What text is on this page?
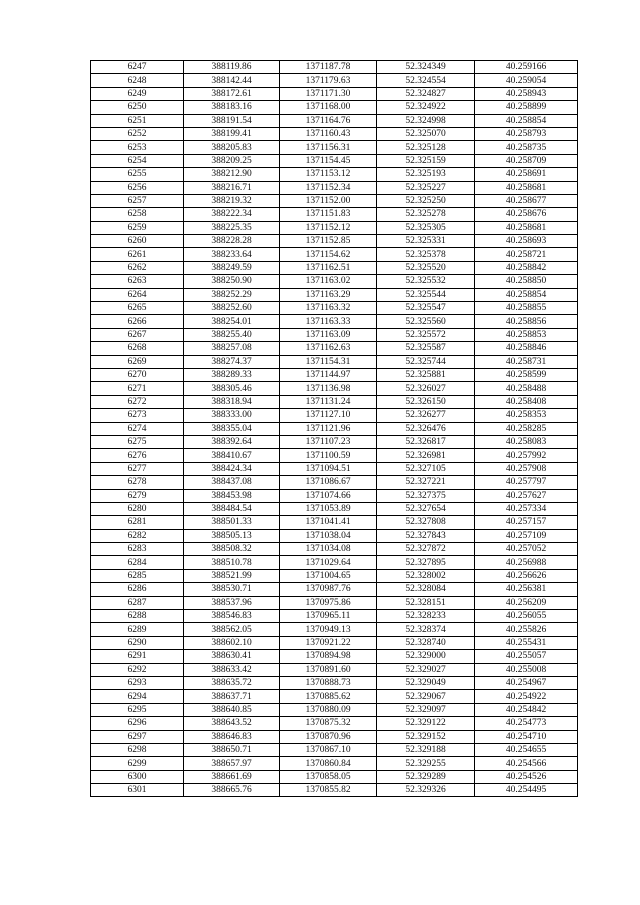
6247	388119.86	1371187.78	52.324349	40.259166
6248	388142.44	1371179.63	52.324554	40.259054
6249	388172.61	1371171.30	52.324827	40.258943
6250	388183.16	1371168.00	52.324922	40.258899
6251	388191.54	1371164.76	52.324998	40.258854
6252	388199.41	1371160.43	52.325070	40.258793
6253	388205.83	1371156.31	52.325128	40.258735
6254	388209.25	1371154.45	52.325159	40.258709
6255	388212.90	1371153.12	52.325193	40.258691
6256	388216.71	1371152.34	52.325227	40.258681
6257	388219.32	1371152.00	52.325250	40.258677
6258	388222.34	1371151.83	52.325278	40.258676
6259	388225.35	1371152.12	52.325305	40.258681
6260	388228.28	1371152.85	52.325331	40.258693
6261	388233.64	1371154.62	52.325378	40.258721
6262	388249.59	1371162.51	52.325520	40.258842
6263	388250.90	1371163.02	52.325532	40.258850
6264	388252.29	1371163.29	52.325544	40.258854
6265	388252.60	1371163.32	52.325547	40.258855
6266	388254.01	1371163.33	52.325560	40.258856
6267	388255.40	1371163.09	52.325572	40.258853
6268	388257.08	1371162.63	52.325587	40.258846
6269	388274.37	1371154.31	52.325744	40.258731
6270	388289.33	1371144.97	52.325881	40.258599
6271	388305.46	1371136.98	52.326027	40.258488
6272	388318.94	1371131.24	52.326150	40.258408
6273	388333.00	1371127.10	52.326277	40.258353
6274	388355.04	1371121.96	52.326476	40.258285
6275	388392.64	1371107.23	52.326817	40.258083
6276	388410.67	1371100.59	52.326981	40.257992
6277	388424.34	1371094.51	52.327105	40.257908
6278	388437.08	1371086.67	52.327221	40.257797
6279	388453.98	1371074.66	52.327375	40.257627
6280	388484.54	1371053.89	52.327654	40.257334
6281	388501.33	1371041.41	52.327808	40.257157
6282	388505.13	1371038.04	52.327843	40.257109
6283	388508.32	1371034.08	52.327872	40.257052
6284	388510.78	1371029.64	52.327895	40.256988
6285	388521.99	1371004.65	52.328002	40.256626
6286	388530.71	1370987.76	52.328084	40.256381
6287	388537.96	1370975.86	52.328151	40.256209
6288	388546.83	1370965.11	52.328233	40.256055
6289	388562.05	1370949.13	52.328374	40.255826
6290	388602.10	1370921.22	52.328740	40.255431
6291	388630.41	1370894.98	52.329000	40.255057
6292	388633.42	1370891.60	52.329027	40.255008
6293	388635.72	1370888.73	52.329049	40.254967
6294	388637.71	1370885.62	52.329067	40.254922
6295	388640.85	1370880.09	52.329097	40.254842
6296	388643.52	1370875.32	52.329122	40.254773
6297	388646.83	1370870.96	52.329152	40.254710
6298	388650.71	1370867.10	52.329188	40.254655
6299	388657.97	1370860.84	52.329255	40.254566
6300	388661.69	1370858.05	52.329289	40.254526
6301	388665.76	1370855.82	52.329326	40.254495
